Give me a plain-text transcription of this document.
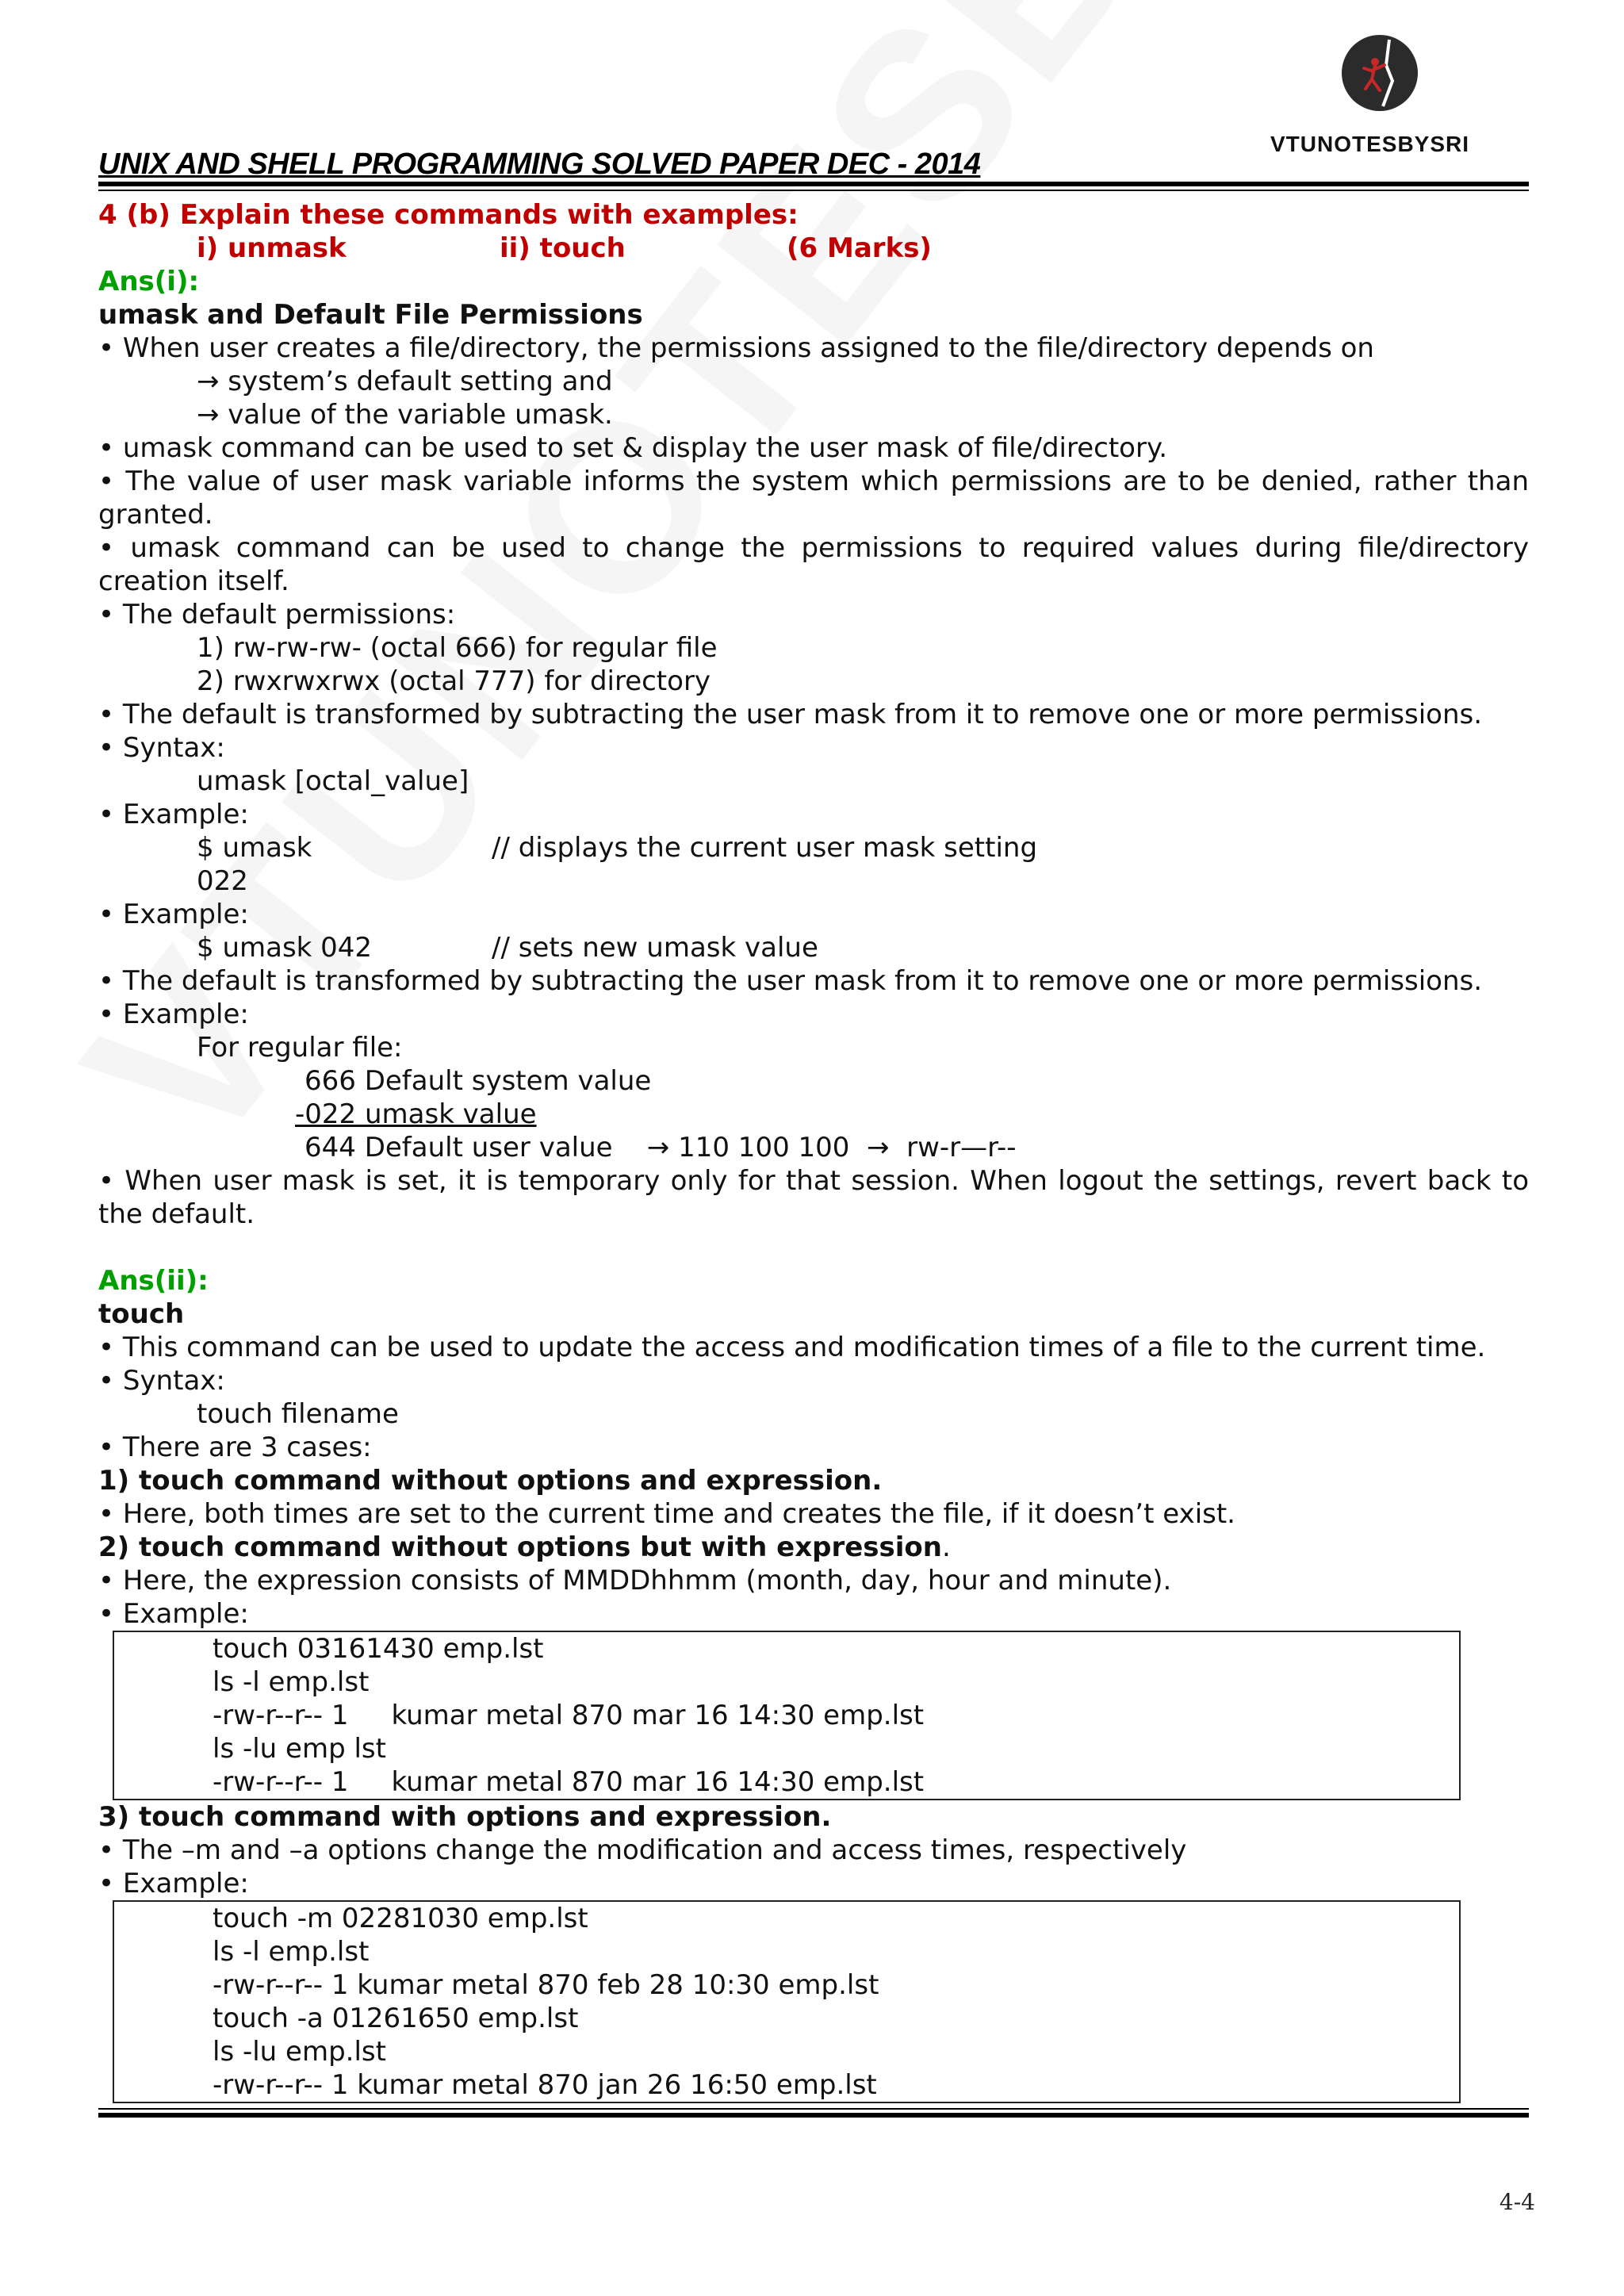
VTUNOTESBYSRI
UNIX AND SHELL PROGRAMMING SOLVED PAPER DEC - 2014
4 (b) Explain these commands with examples:
i) unmask	ii) touch	(6 Marks)
Ans(i):
umask and Default File Permissions
• When user creates a file/directory, the permissions assigned to the file/directory depends on
→ system’s default setting and
→ value of the variable umask.
• umask command can be used to set & display the user mask of file/directory.
• The value of user mask variable informs the system which permissions are to be denied, rather than
granted.
• umask command can be used to change the permissions to required values during file/directory
creation itself.
• The default permissions:
1) rw-rw-rw- (octal 666) for regular file
2) rwxrwxrwx (octal 777) for directory
• The default is transformed by subtracting the user mask from it to remove one or more permissions.
• Syntax:
umask [octal_value]
• Example:
$ umask	// displays the current user mask setting
022
• Example:
$ umask 042	// sets new umask value
• The default is transformed by subtracting the user mask from it to remove one or more permissions.
• Example:
For regular file:
666 Default system value
-022 umask value
644 Default user value    → 110 100 100  →  rw-r—r--
• When user mask is set, it is temporary only for that session. When logout the settings, revert back to
the default.
Ans(ii):
touch
• This command can be used to update the access and modification times of a file to the current time.
• Syntax:
touch filename
• There are 3 cases:
1) touch command without options and expression.
• Here, both times are set to the current time and creates the file, if it doesn’t exist.
2) touch command without options but with expression.
• Here, the expression consists of MMDDhhmm (month, day, hour and minute).
• Example:
touch 03161430 emp.lst
ls -l emp.lst
-rw-r--r-- 1     kumar metal 870 mar 16 14:30 emp.lst
ls -lu emp lst
-rw-r--r-- 1     kumar metal 870 mar 16 14:30 emp.lst
3) touch command with options and expression.
• The –m and –a options change the modification and access times, respectively
• Example:
touch -m 02281030 emp.lst
ls -l emp.lst
-rw-r--r-- 1 kumar metal 870 feb 28 10:30 emp.lst
touch -a 01261650 emp.lst
ls -lu emp.lst
-rw-r--r-- 1 kumar metal 870 jan 26 16:50 emp.lst
4-4
